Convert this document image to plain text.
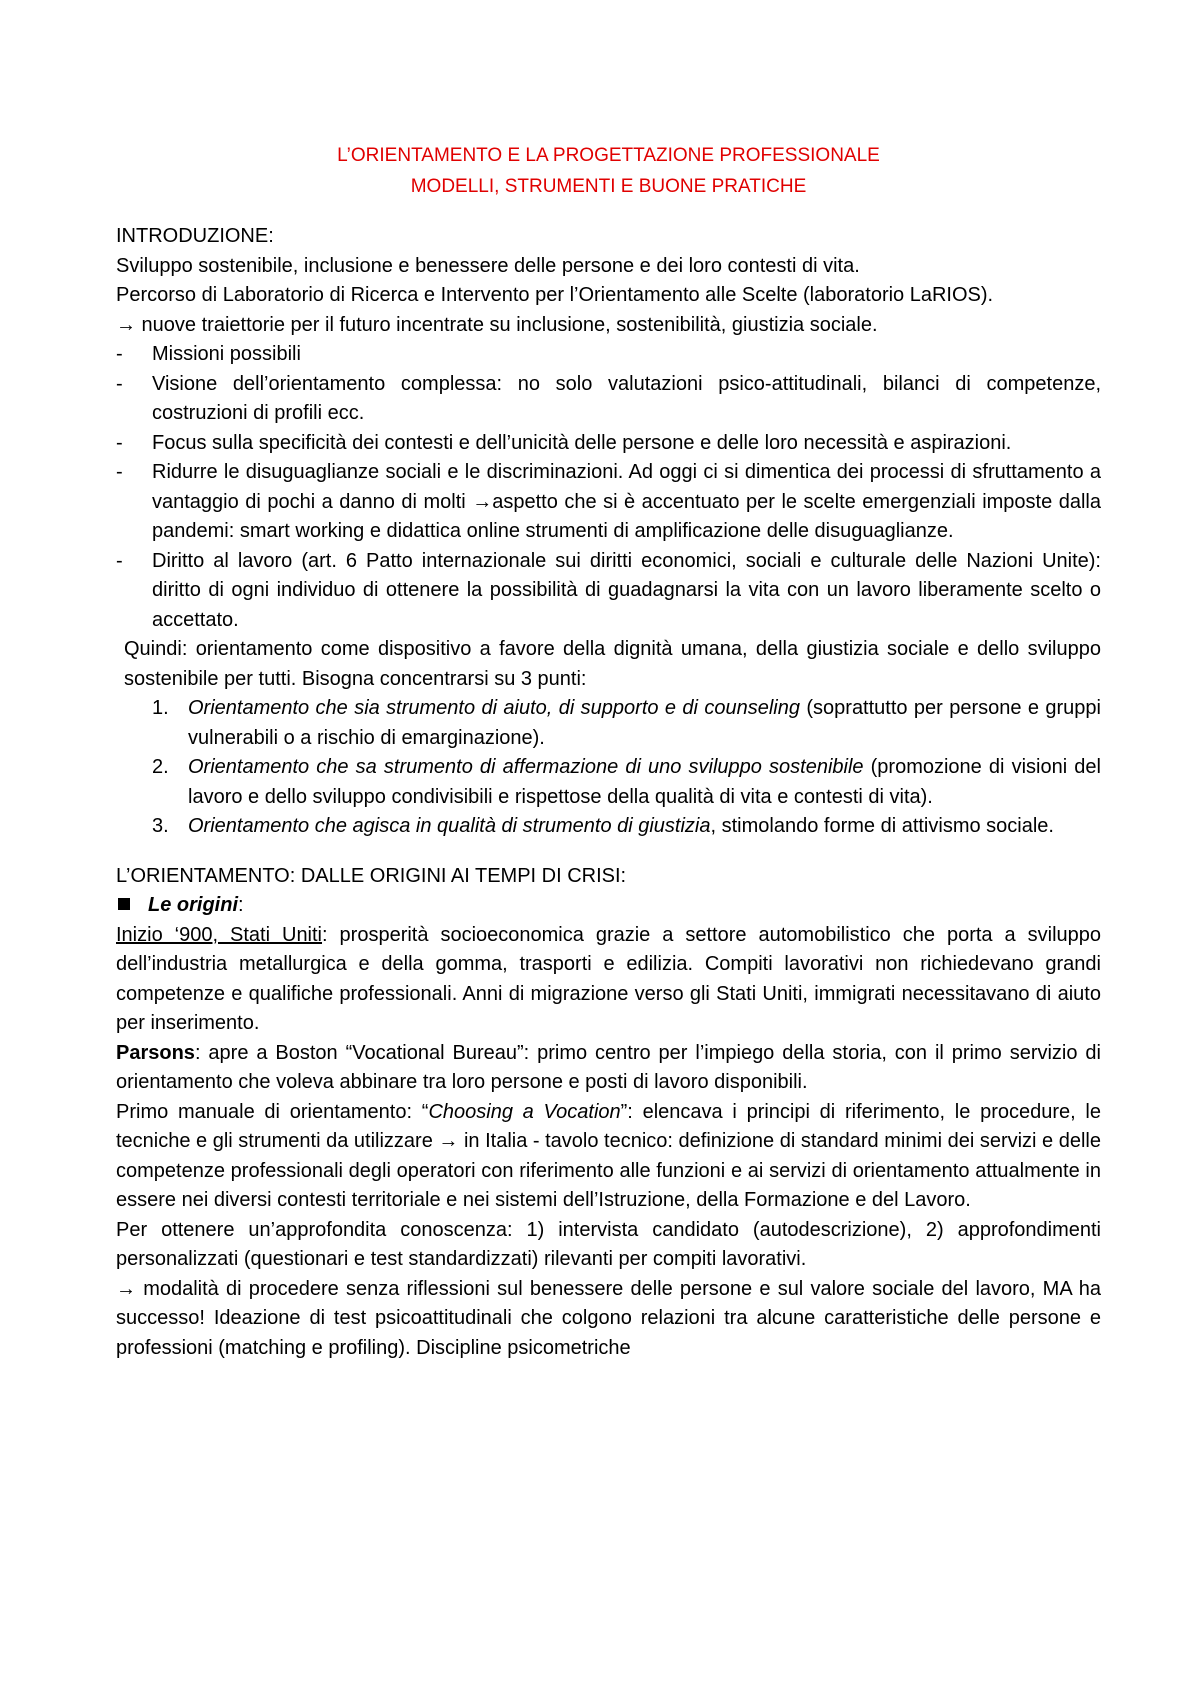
L’ORIENTAMENTO E LA PROGETTAZIONE PROFESSIONALE

MODELLI, STRUMENTI E BUONE PRATICHE

INTRODUZIONE:

Sviluppo sostenibile, inclusione e benessere delle persone e dei loro contesti di vita.

Percorso di Laboratorio di Ricerca e Intervento per l’Orientamento alle Scelte (laboratorio LaRIOS).

→ nuove traiettorie per il futuro incentrate su inclusione, sostenibilità, giustizia sociale.

- Missioni possibili
- Visione dell’orientamento complessa: no solo valutazioni psico-attitudinali, bilanci di competenze, costruzioni di profili ecc.
- Focus sulla specificità dei contesti e dell’unicità delle persone e delle loro necessità e aspirazioni.
- Ridurre le disuguaglianze sociali e le discriminazioni. Ad oggi ci si dimentica dei processi di sfruttamento a vantaggio di pochi a danno di molti →aspetto che si è accentuato per le scelte emergenziali imposte dalla pandemi: smart working e didattica online strumenti di amplificazione delle disuguaglianze.
- Diritto al lavoro (art. 6 Patto internazionale sui diritti economici, sociali e culturale delle Nazioni Unite): diritto di ogni individuo di ottenere la possibilità di guadagnarsi la vita con un lavoro liberamente scelto o accettato.

Quindi: orientamento come dispositivo a favore della dignità umana, della giustizia sociale e dello sviluppo sostenibile per tutti. Bisogna concentrarsi su 3 punti:

1. Orientamento che sia strumento di aiuto, di supporto e di counseling (soprattutto per persone e gruppi vulnerabili o a rischio di emarginazione).
2. Orientamento che sa strumento di affermazione di uno sviluppo sostenibile (promozione di visioni del lavoro e dello sviluppo condivisibili e rispettose della qualità di vita e contesti di vita).
3. Orientamento che agisca in qualità di strumento di giustizia, stimolando forme di attivismo sociale.

L’ORIENTAMENTO: DALLE ORIGINI AI TEMPI DI CRISI:

Le origini:

Inizio ‘900, Stati Uniti: prosperità socioeconomica grazie a settore automobilistico che porta a sviluppo dell’industria metallurgica e della gomma, trasporti e edilizia. Compiti lavorativi non richiedevano grandi competenze e qualifiche professionali. Anni di migrazione verso gli Stati Uniti, immigrati necessitavano di aiuto per inserimento.

Parsons: apre a Boston “Vocational Bureau”: primo centro per l’impiego della storia, con il primo servizio di orientamento che voleva abbinare tra loro persone e posti di lavoro disponibili.

Primo manuale di orientamento: “Choosing a Vocation”: elencava i principi di riferimento, le procedure, le tecniche e gli strumenti da utilizzare → in Italia - tavolo tecnico: definizione di standard minimi dei servizi e delle competenze professionali degli operatori con riferimento alle funzioni e ai servizi di orientamento attualmente in essere nei diversi contesti territoriale e nei sistemi dell’Istruzione, della Formazione e del Lavoro.

Per ottenere un’approfondita conoscenza: 1) intervista candidato (autodescrizione), 2) approfondimenti personalizzati (questionari e test standardizzati) rilevanti per compiti lavorativi.

→ modalità di procedere senza riflessioni sul benessere delle persone e sul valore sociale del lavoro, MA ha successo! Ideazione di test psicoattitudinali che colgono relazioni tra alcune caratteristiche delle persone e professioni (matching e profiling). Discipline psicometriche
